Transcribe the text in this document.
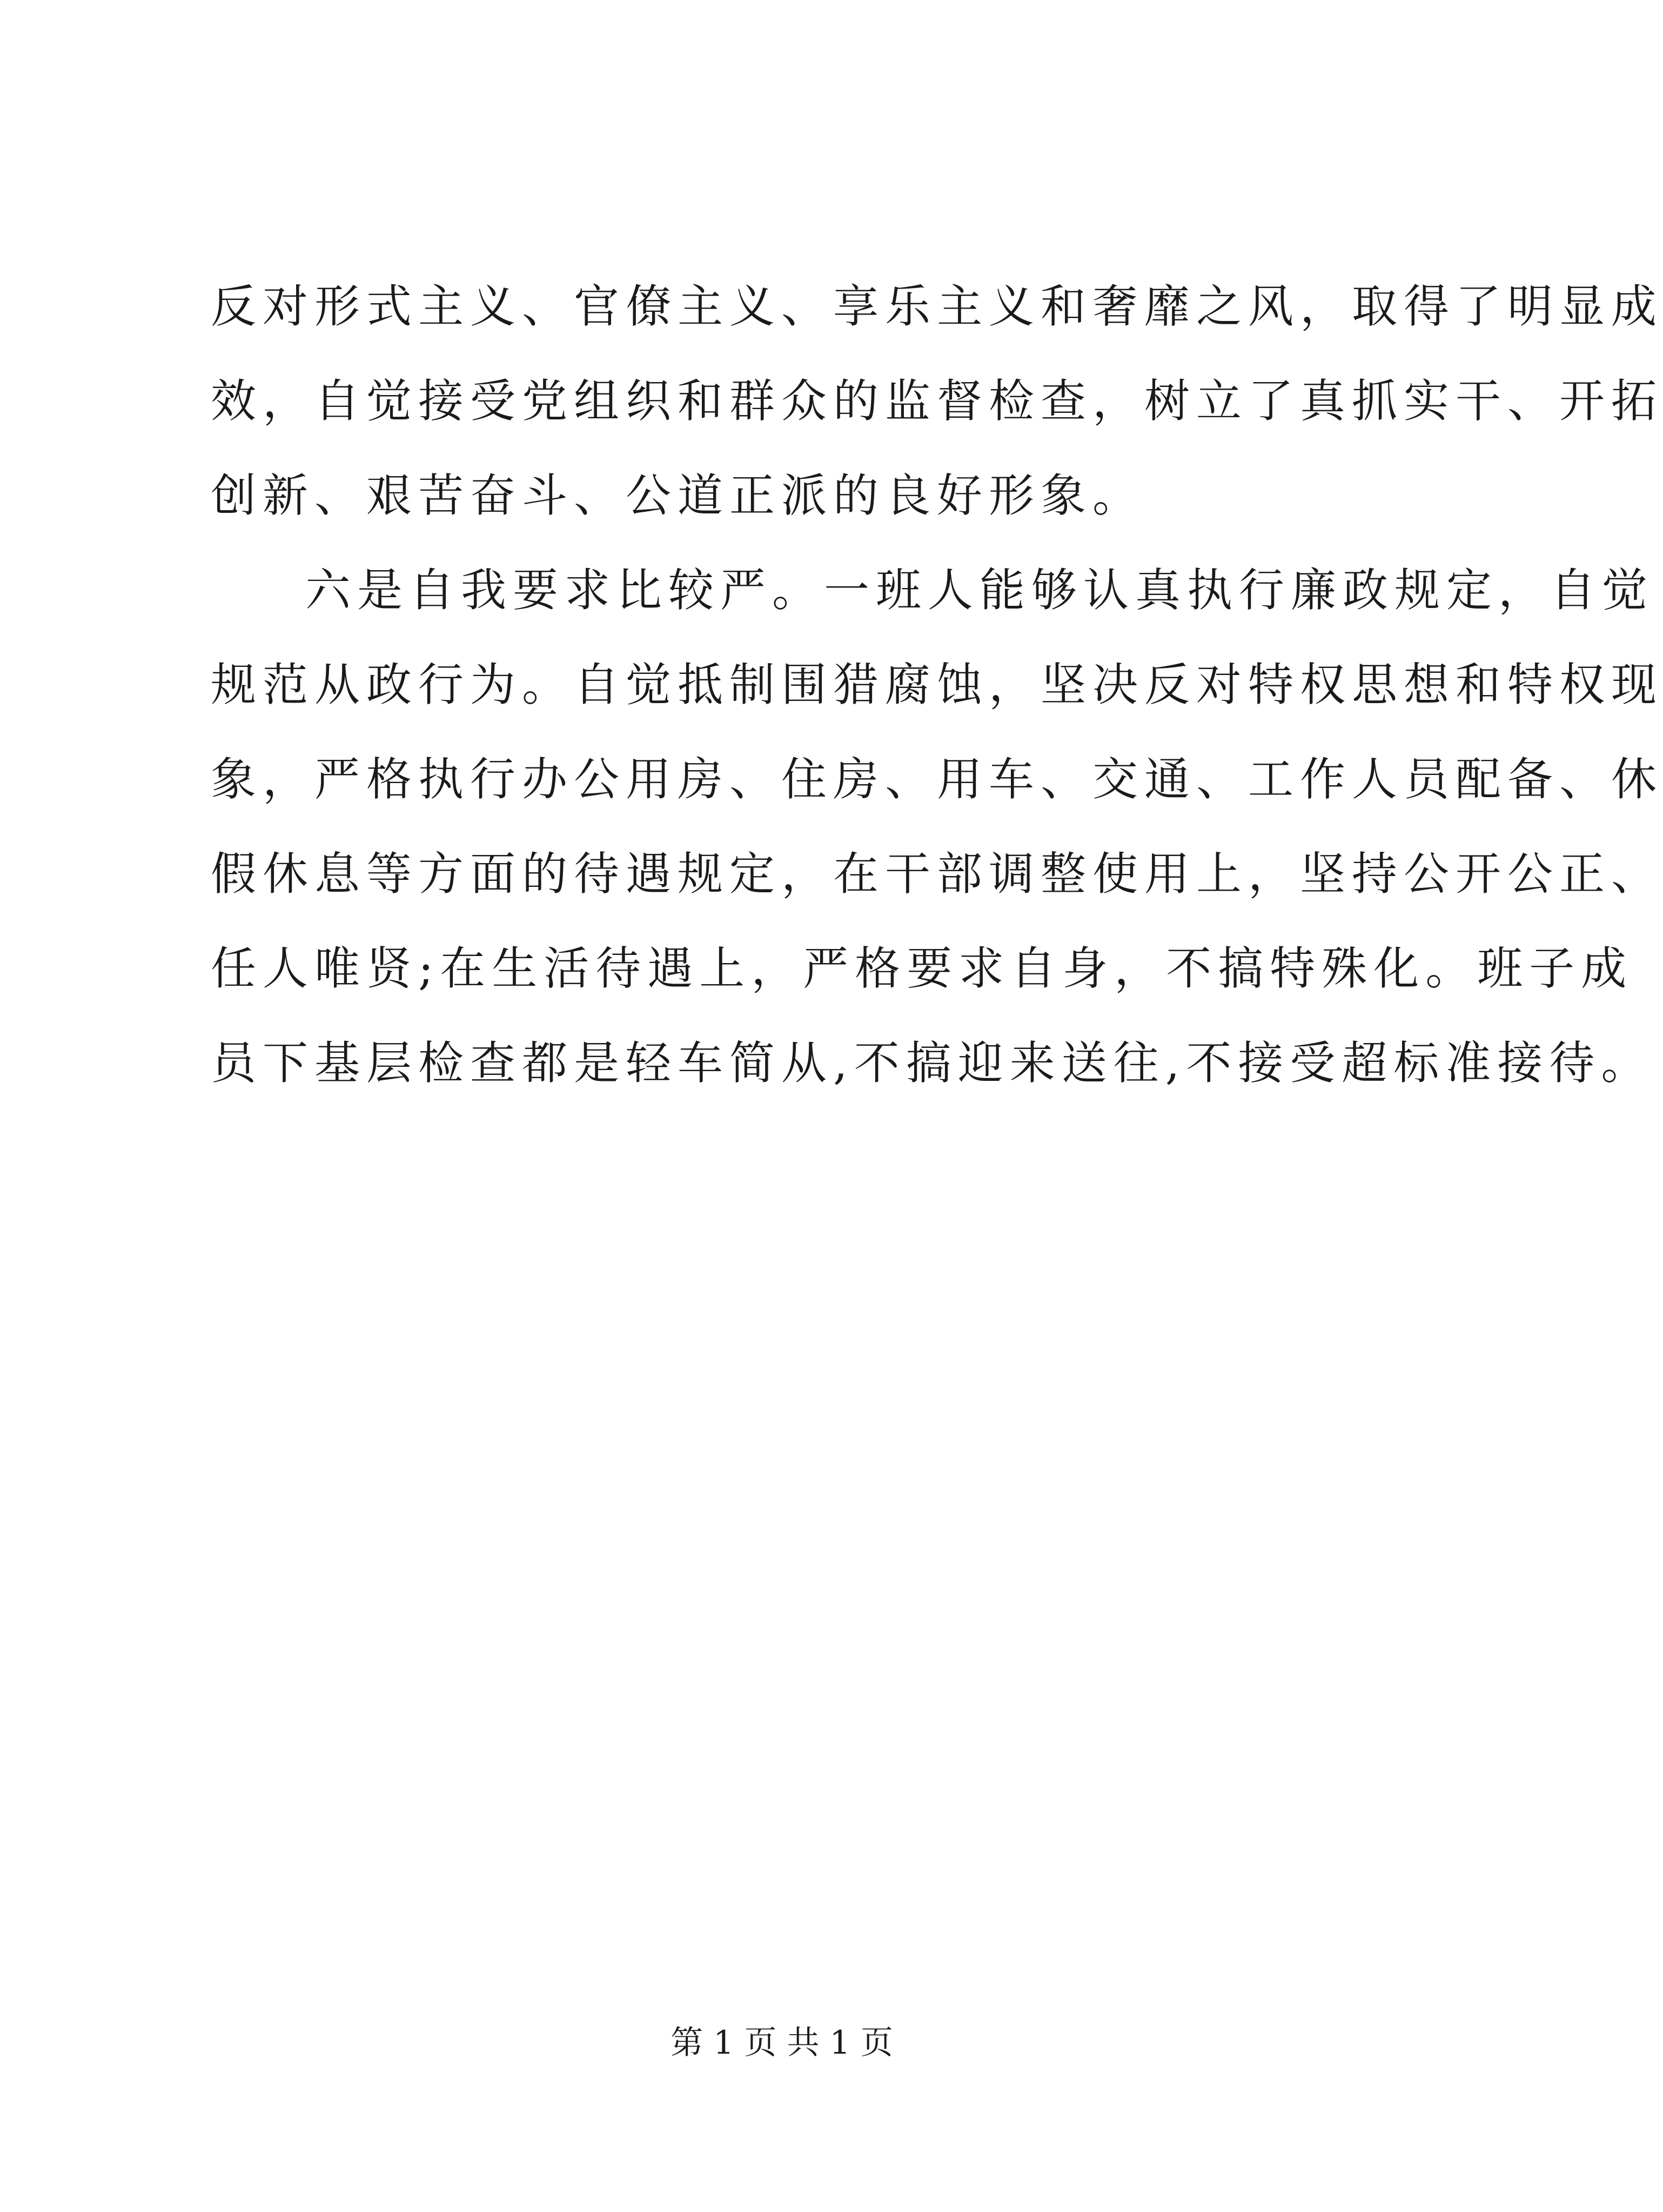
反对形式主义、官僚主义、享乐主义和奢靡之风，取得了明显成
效，自觉接受党组织和群众的监督检查，树立了真抓实干、开拓
创新、艰苦奋斗、公道正派的良好形象。
六是自我要求比较严。一班人能够认真执行廉政规定，自觉
规范从政行为。自觉抵制围猎腐蚀，坚决反对特权思想和特权现
象，严格执行办公用房、住房、用车、交通、工作人员配备、休
假休息等方面的待遇规定，在干部调整使用上，坚持公开公正、
任人唯贤;在生活待遇上，严格要求自身，不搞特殊化。班子成
员下基层检查都是轻车简从,不搞迎来送往,不接受超标准接待。
第 1 页 共 1 页
